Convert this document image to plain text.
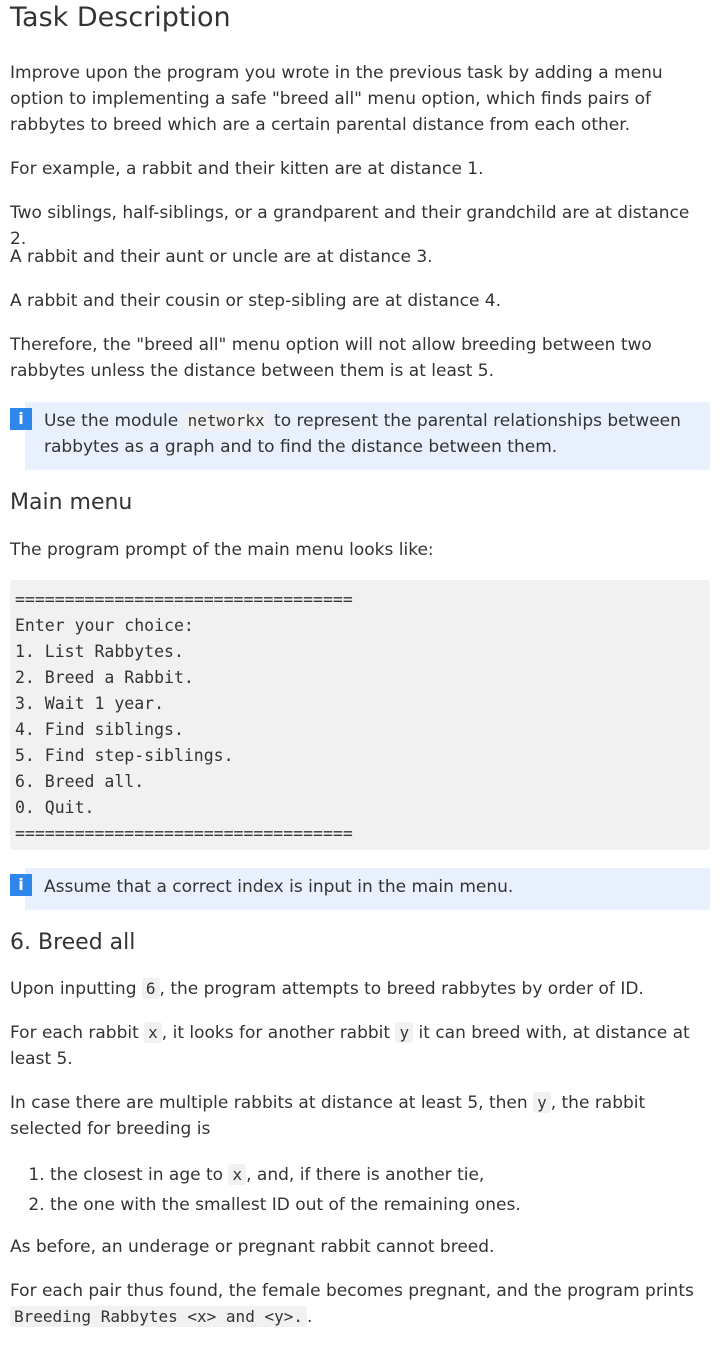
Task Description

Improve upon the program you wrote in the previous task by adding a menu option to implementing a safe "breed all" menu option, which finds pairs of rabbytes to breed which are a certain parental distance from each other.

For example, a rabbit and their kitten are at distance 1.

Two siblings, half-siblings, or a grandparent and their grandchild are at distance 2.

A rabbit and their aunt or uncle are at distance 3.

A rabbit and their cousin or step-sibling are at distance 4.

Therefore, the "breed all" menu option will not allow breeding between two rabbytes unless the distance between them is at least 5.

i	Use the module networkx to represent the parental relationships between rabbytes as a graph and to find the distance between them.
Main menu

The program prompt of the main menu looks like:

==================================
Enter your choice:
1. List Rabbytes.
2. Breed a Rabbit.
3. Wait 1 year.
4. Find siblings.
5. Find step-siblings.
6. Breed all.
0. Quit.
==================================
i	Assume that a correct index is input in the main menu.
6. Breed all

Upon inputting 6 , the program attempts to breed rabbytes by order of ID.

For each rabbit x , it looks for another rabbit y it can breed with, at distance at least 5.

In case there are multiple rabbits at distance at least 5, then y , the rabbit selected for breeding is

1. the closest in age to x , and, if there is another tie,
2. the one with the smallest ID out of the remaining ones.

As before, an underage or pregnant rabbit cannot breed.

For each pair thus found, the female becomes pregnant, and the program prints
Breeding Rabbytes <x> and <y>. .
